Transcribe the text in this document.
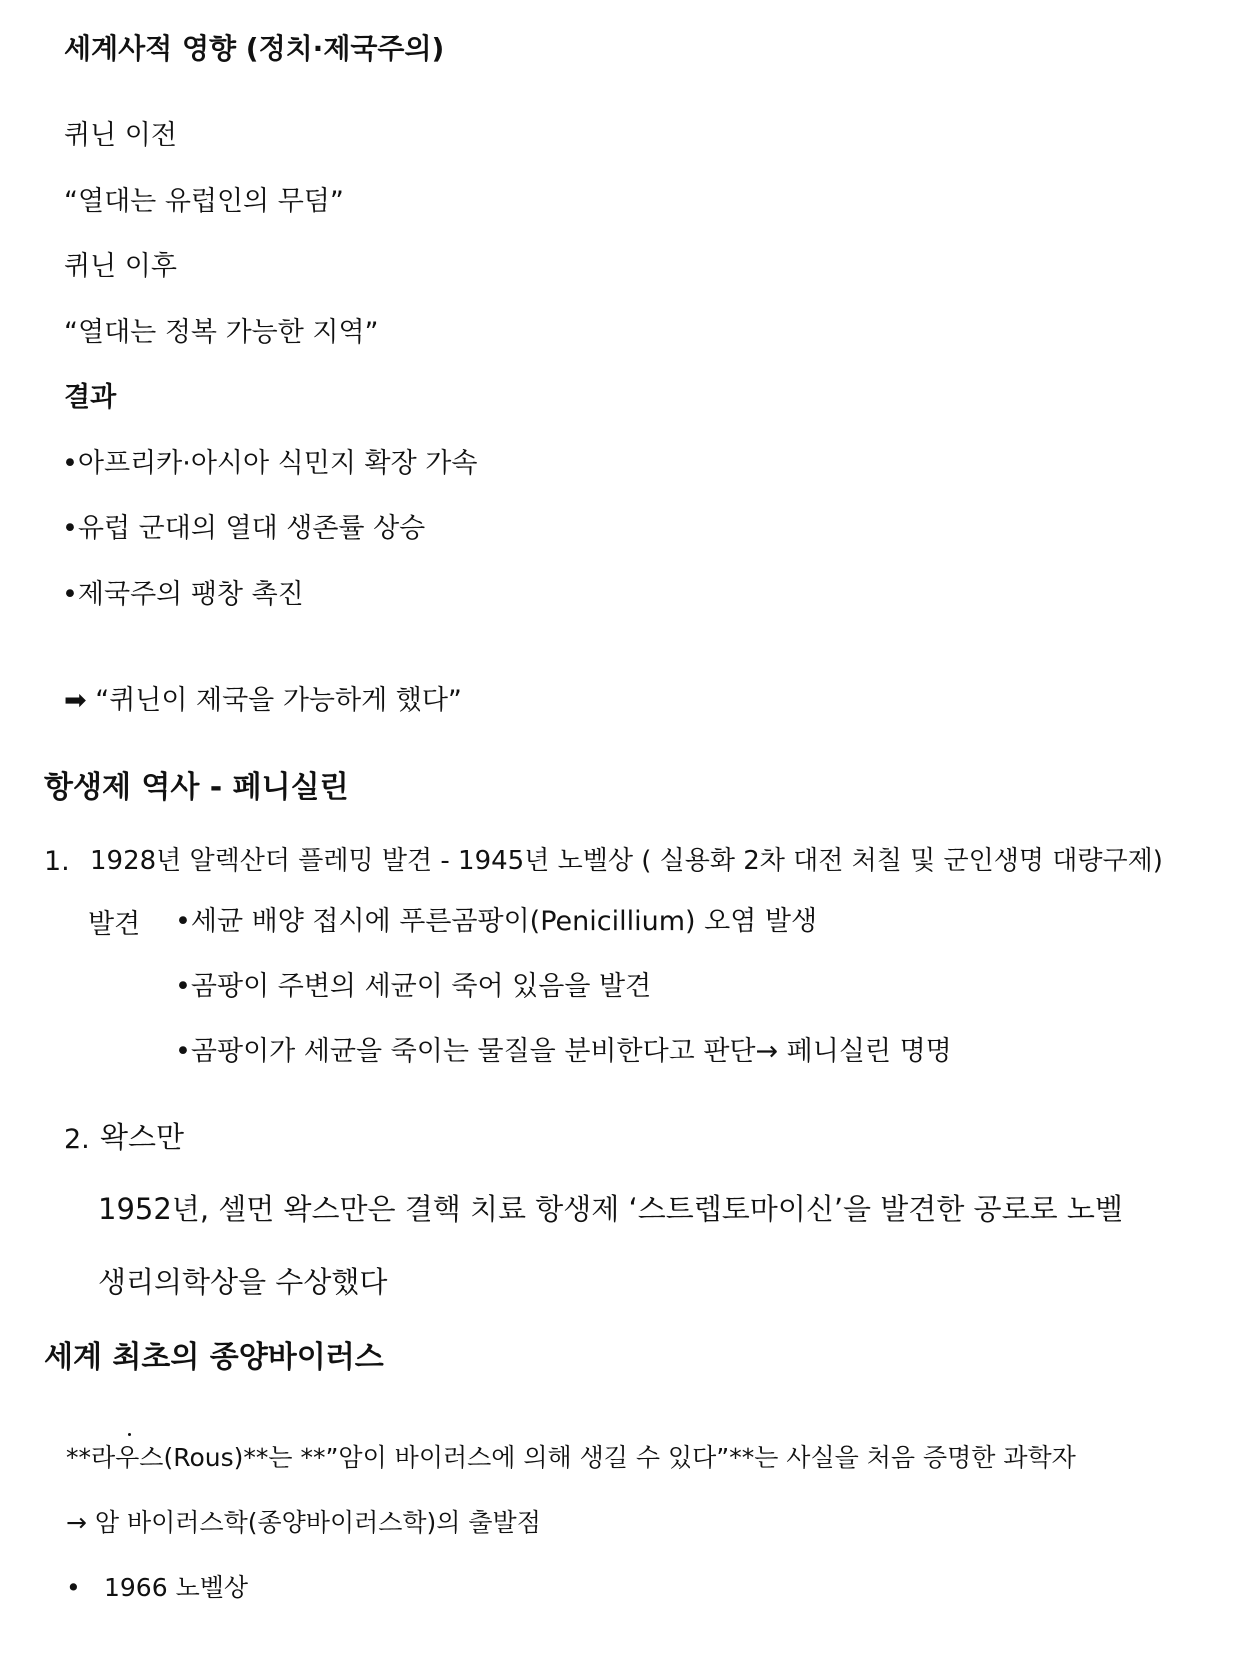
세계사적 영향 (정치·제국주의)
퀴닌 이전
“열대는 유럽인의 무덤”
퀴닌 이후
“열대는 정복 가능한 지역”
결과
•아프리카·아시아 식민지 확장 가속
•유럽 군대의 열대 생존률 상승
•제국주의 팽창 촉진
➡ “퀴닌이 제국을 가능하게 했다”
항생제 역사 - 페니실린
1. 1928년 알렉산더 플레밍 발견 - 1945년 노벨상 ( 실용화 2차 대전 처칠 및 군인생명 대량구제)
발견 •세균 배양 접시에 푸른곰팡이(Penicillium) 오염 발생
•곰팡이 주변의 세균이 죽어 있음을 발견
•곰팡이가 세균을 죽이는 물질을 분비한다고 판단→ 페니실린 명명
2. 왁스만
1952년, 셀먼 왁스만은 결핵 치료 항생제 ‘스트렙토마이신’을 발견한 공로로 노벨
생리의학상을 수상했다
세계 최초의 종양바이러스
**라우스(Rous)**는 **”암이 바이러스에 의해 생길 수 있다”**는 사실을 처음 증명한 과학자
→ 암 바이러스학(종양바이러스학)의 출발점
• 1966 노벨상
